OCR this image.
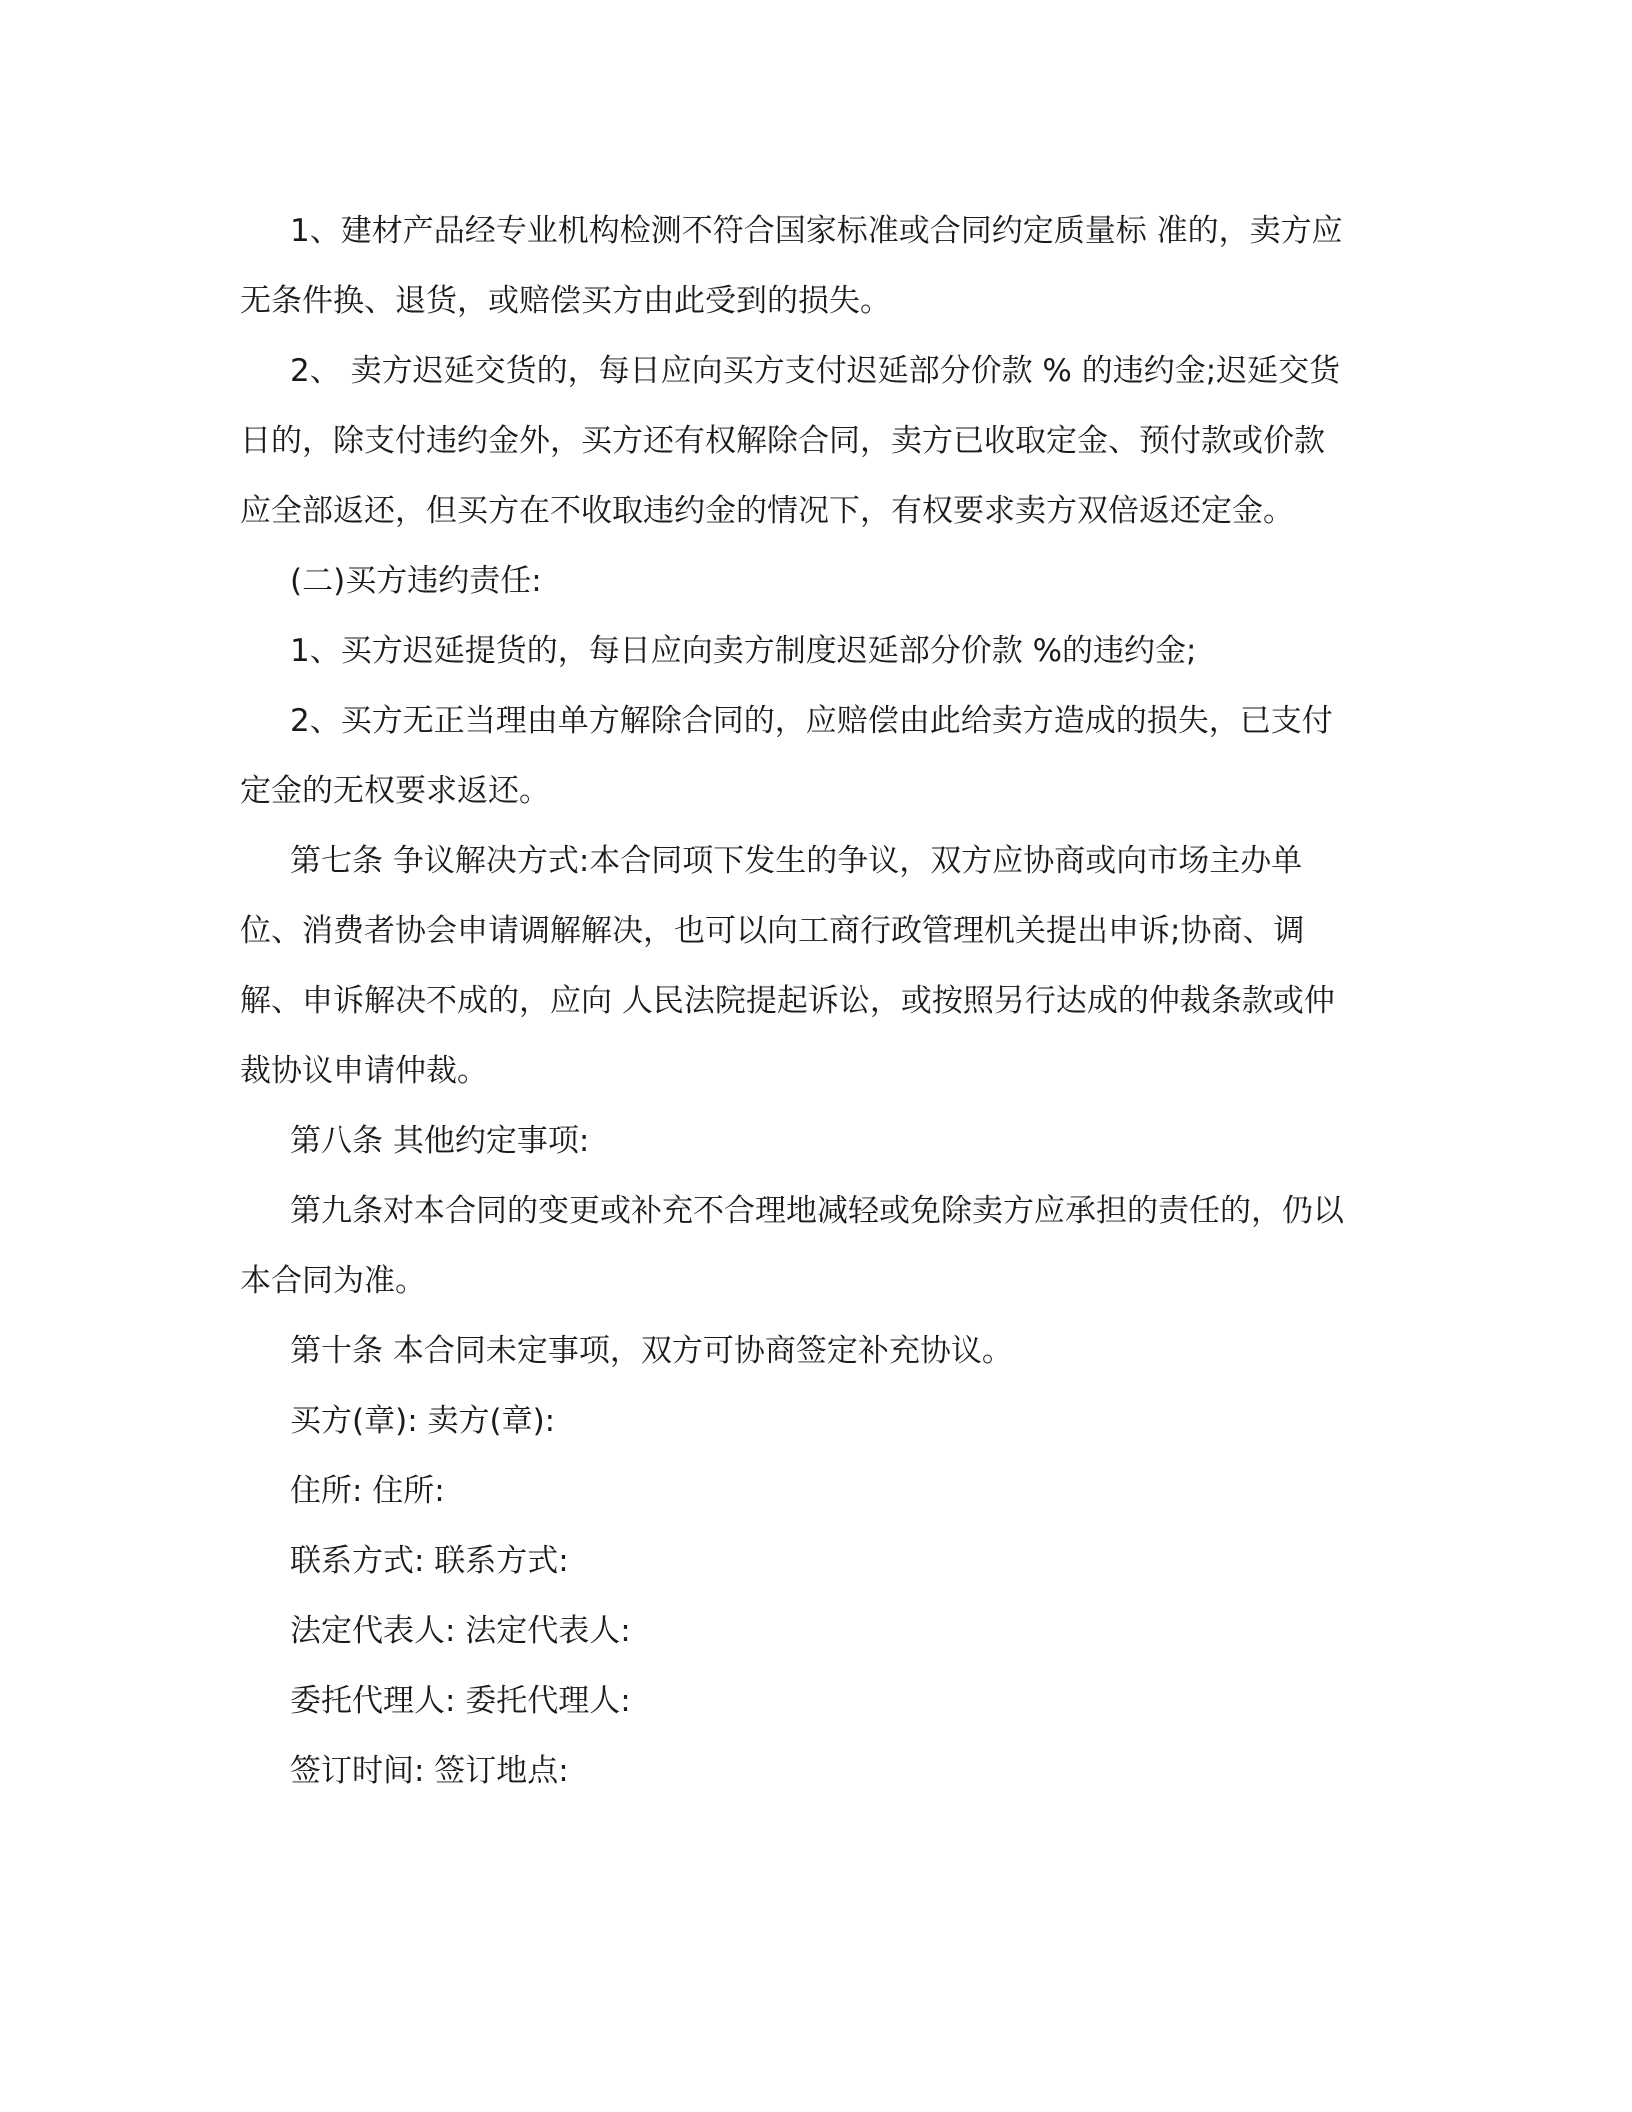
1、建材产品经专业机构检测不符合国家标准或合同约定质量标 准的，卖方应
无条件换、退货，或赔偿买方由此受到的损失。
2、 卖方迟延交货的，每日应向买方支付迟延部分价款 % 的违约金;迟延交货
日的，除支付违约金外，买方还有权解除合同，卖方已收取定金、预付款或价款
应全部返还，但买方在不收取违约金的情况下，有权要求卖方双倍返还定金。
(二)买方违约责任:
1、买方迟延提货的，每日应向卖方制度迟延部分价款 %的违约金;
2、买方无正当理由单方解除合同的，应赔偿由此给卖方造成的损失，已支付
定金的无权要求返还。
第七条 争议解决方式:本合同项下发生的争议，双方应协商或向市场主办单
位、消费者协会申请调解解决，也可以向工商行政管理机关提出申诉;协商、调
解、申诉解决不成的，应向 人民法院提起诉讼，或按照另行达成的仲裁条款或仲
裁协议申请仲裁。
第八条 其他约定事项:
第九条对本合同的变更或补充不合理地减轻或免除卖方应承担的责任的，仍以
本合同为准。
第十条 本合同未定事项，双方可协商签定补充协议。
买方(章): 卖方(章):
住所: 住所:
联系方式: 联系方式:
法定代表人: 法定代表人:
委托代理人: 委托代理人:
签订时间: 签订地点:
